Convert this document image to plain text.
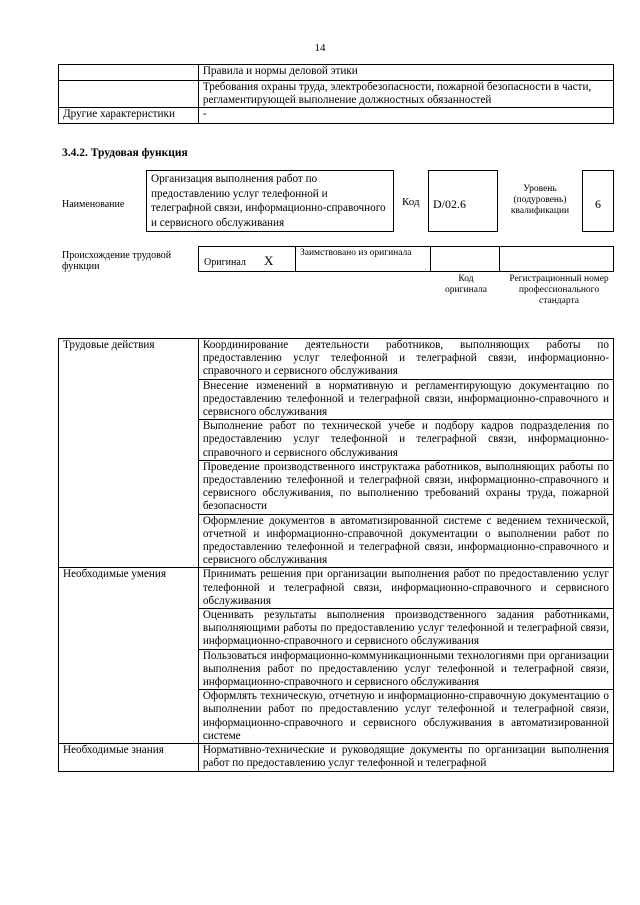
14
	Правила и нормы деловой этики
	Требования охраны труда, электробезопасности, пожарной безопасности в части, регламентирующей выполнение должностных обязанностей
Другие характеристики	-
3.4.2. Трудовая функция
Наименование
Организация выполнения работ по предоставлению услуг телефонной и телеграфной связи, информационно-справочного и сервисного обслуживания
Код	D/02.6
Уровень (подуровень) квалификации	6
Происхождение трудовой функции	Оригинал X	Заимствовано из оригинала
Код оригинала
Регистрационный номер профессионального стандарта
Трудовые действия	Координирование деятельности работников, выполняющих работы по предоставлению услуг телефонной и телеграфной связи, информационно-справочного и сервисного обслуживания
	Внесение изменений в нормативную и регламентирующую документацию по предоставлению телефонной и телеграфной связи, информационно-справочного и сервисного обслуживания
	Выполнение работ по технической учебе и подбору кадров подразделения по предоставлению услуг телефонной и телеграфной связи, информационно-справочного и сервисного обслуживания
	Проведение производственного инструктажа работников, выполняющих работы по предоставлению телефонной и телеграфной связи, информационно-справочного и сервисного обслуживания, по выполнению требований охраны труда, пожарной безопасности
	Оформление документов в автоматизированной системе с ведением технической, отчетной и информационно-справочной документации о выполнении работ по предоставлению телефонной и телеграфной связи, информационно-справочного и сервисного обслуживания
Необходимые умения	Принимать решения при организации выполнения работ по предоставлению услуг телефонной и телеграфной связи, информационно-справочного и сервисного обслуживания
	Оценивать результаты выполнения производственного задания работниками, выполняющими работы по предоставлению услуг телефонной и телеграфной связи, информационно-справочного и сервисного обслуживания
	Пользоваться информационно-коммуникационными технологиями при организации выполнения работ по предоставлению услуг телефонной и телеграфной связи, информационно-справочного и сервисного обслуживания
	Оформлять техническую, отчетную и информационно-справочную документацию о выполнении работ по предоставлению услуг телефонной и телеграфной связи, информационно-справочного и сервисного обслуживания в автоматизированной системе
Необходимые знания	Нормативно-технические и руководящие документы по организации выполнения работ по предоставлению услуг телефонной и телеграфной
